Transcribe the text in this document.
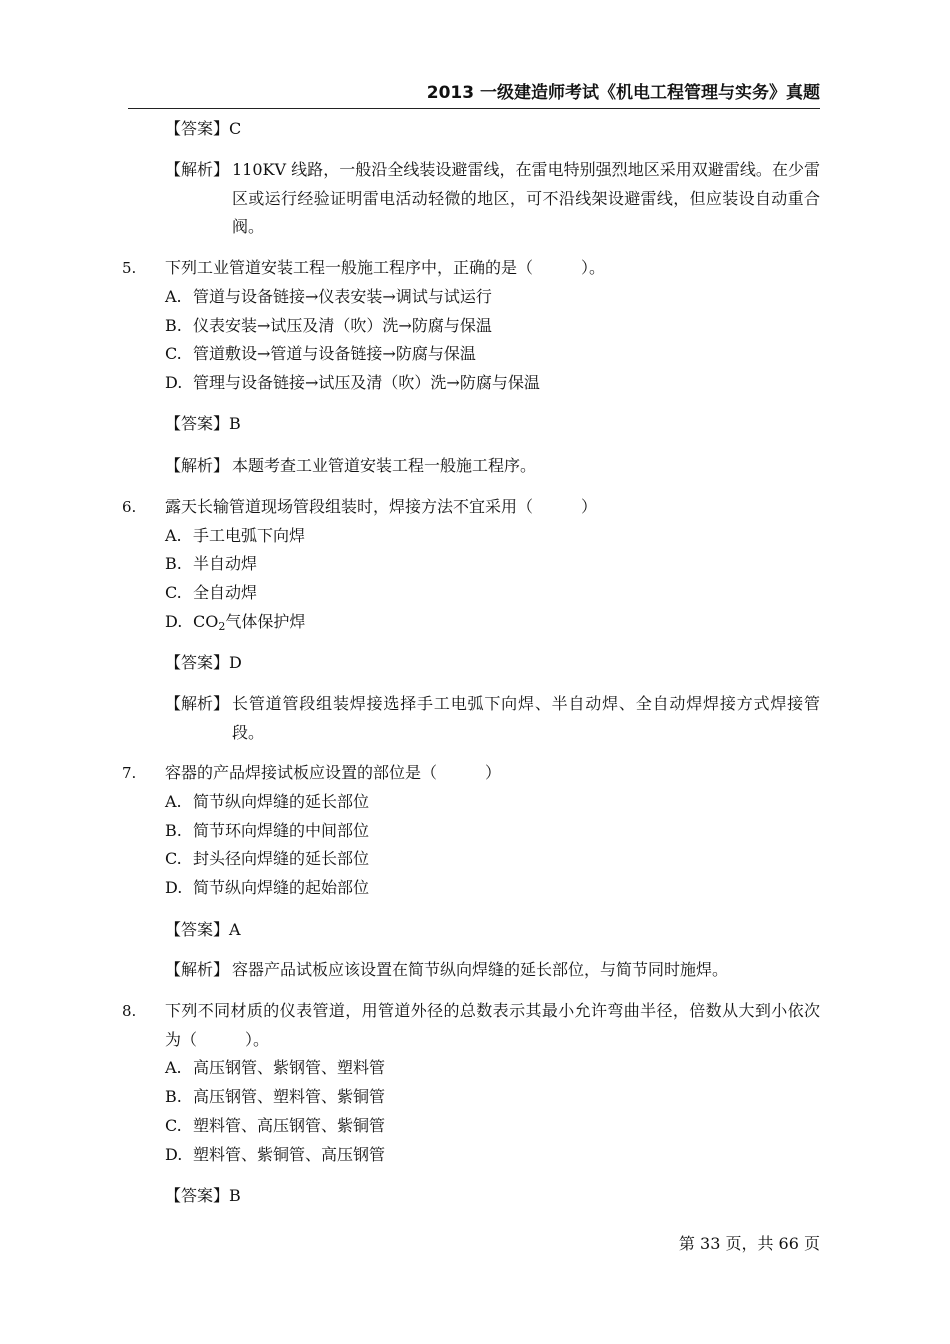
2013 一级建造师考试《机电工程管理与实务》真题
【答案】C
【解析】 110KV 线路，一般沿全线装设避雷线，在雷电特别强烈地区采用双避雷线。在少雷区或运行经验证明雷电活动轻微的地区，可不沿线架设避雷线，但应装设自动重合阀。
5. 下列工业管道安装工程一般施工程序中，正确的是（　　　）。
A. 管道与设备链接→仪表安装→调试与试运行
B. 仪表安装→试压及清（吹）洗→防腐与保温
C. 管道敷设→管道与设备链接→防腐与保温
D. 管理与设备链接→试压及清（吹）洗→防腐与保温
【答案】B
【解析】 本题考查工业管道安装工程一般施工程序。
6. 露天长输管道现场管段组装时，焊接方法不宜采用（　　　）
A. 手工电弧下向焊
B. 半自动焊
C. 全自动焊
D. $CO_2$气体保护焊
【答案】D
【解析】 长管道管段组装焊接选择手工电弧下向焊、半自动焊、全自动焊焊接方式焊接管段。
7. 容器的产品焊接试板应设置的部位是（　　　）
A. 简节纵向焊缝的延长部位
B. 简节环向焊缝的中间部位
C. 封头径向焊缝的延长部位
D. 简节纵向焊缝的起始部位
【答案】A
【解析】 容器产品试板应该设置在简节纵向焊缝的延长部位，与简节同时施焊。
8. 下列不同材质的仪表管道，用管道外径的总数表示其最小允许弯曲半径，倍数从大到小依次为（　　　）。
A. 高压钢管、紫钢管、塑料管
B. 高压钢管、塑料管、紫铜管
C. 塑料管、高压钢管、紫铜管
D. 塑料管、紫铜管、高压钢管
【答案】B
第 33 页，共 66 页
